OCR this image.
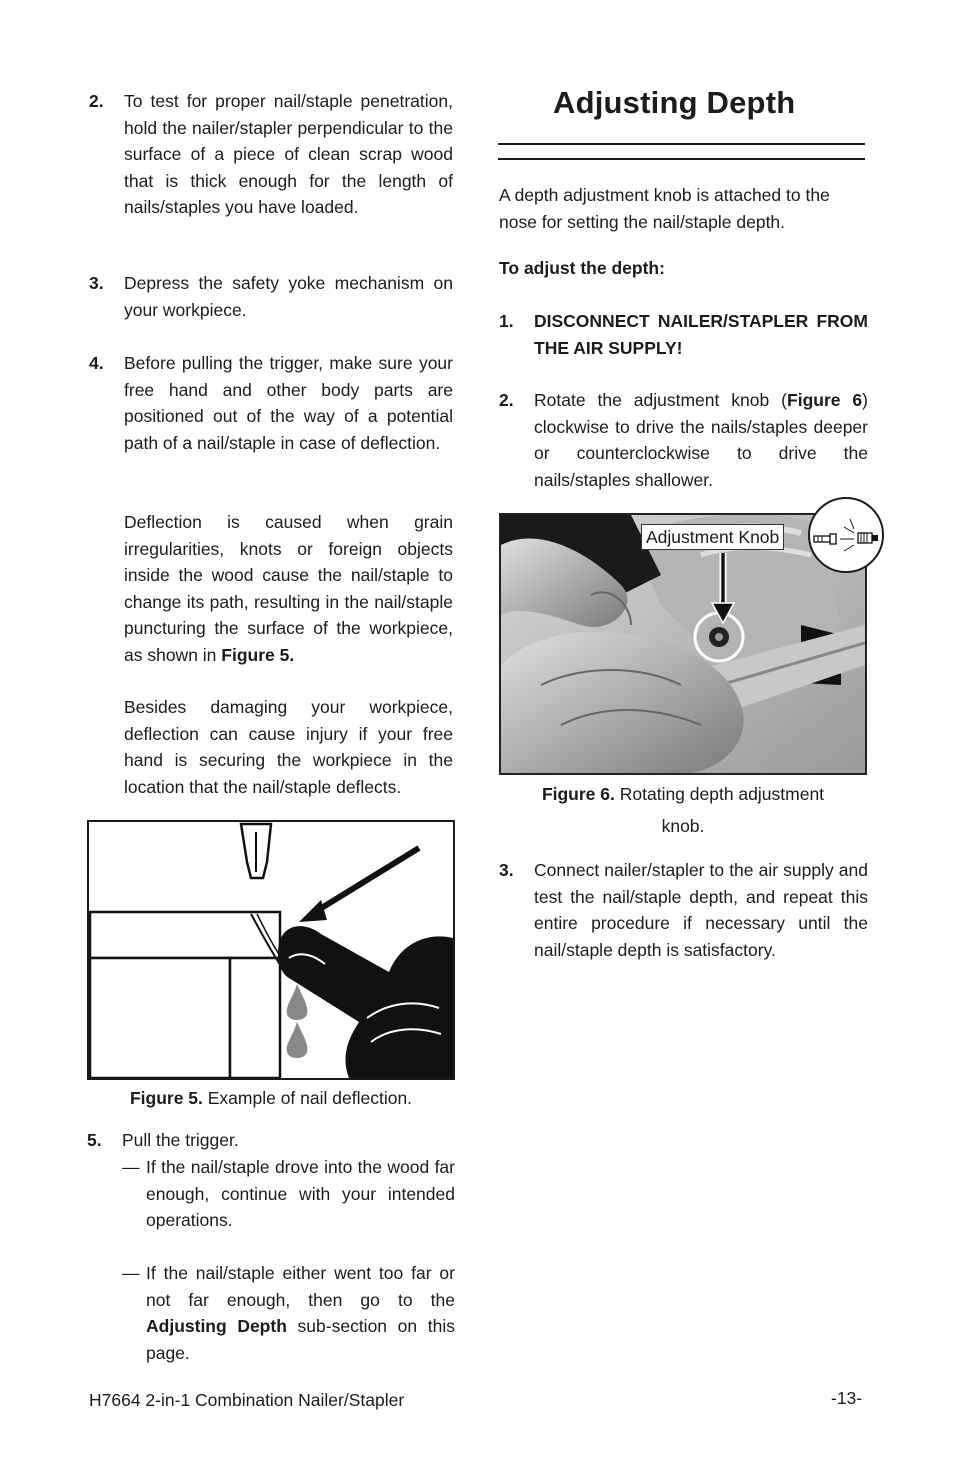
2. To test for proper nail/staple penetration, hold the nailer/stapler perpendicular to the surface of a piece of clean scrap wood that is thick enough for the length of nails/staples you have loaded.
3. Depress the safety yoke mechanism on your workpiece.
4. Before pulling the trigger, make sure your free hand and other body parts are positioned out of the way of a potential path of a nail/staple in case of deflection.
Deflection is caused when grain irregularities, knots or foreign objects inside the wood cause the nail/staple to change its path, resulting in the nail/staple puncturing the surface of the workpiece, as shown in Figure 5.
Besides damaging your workpiece, deflection can cause injury if your free hand is securing the workpiece in the location that the nail/staple deflects.
Figure 5. Example of nail deflection.
5. Pull the trigger.
— If the nail/staple drove into the wood far enough, continue with your intended operations.
— If the nail/staple either went too far or not far enough, then go to the Adjusting Depth sub-section on this page.
Adjusting Depth
A depth adjustment knob is attached to the nose for setting the nail/staple depth.
To adjust the depth:
1. DISCONNECT NAILER/STAPLER FROM THE AIR SUPPLY!
2. Rotate the adjustment knob (Figure 6) clockwise to drive the nails/staples deeper or counterclockwise to drive the nails/staples shallower.
Adjustment Knob
Figure 6. Rotating depth adjustment
knob.
3. Connect nailer/stapler to the air supply and test the nail/staple depth, and repeat this entire procedure if necessary until the nail/staple depth is satisfactory.
H7664 2-in-1 Combination Nailer/Stapler	-13-
